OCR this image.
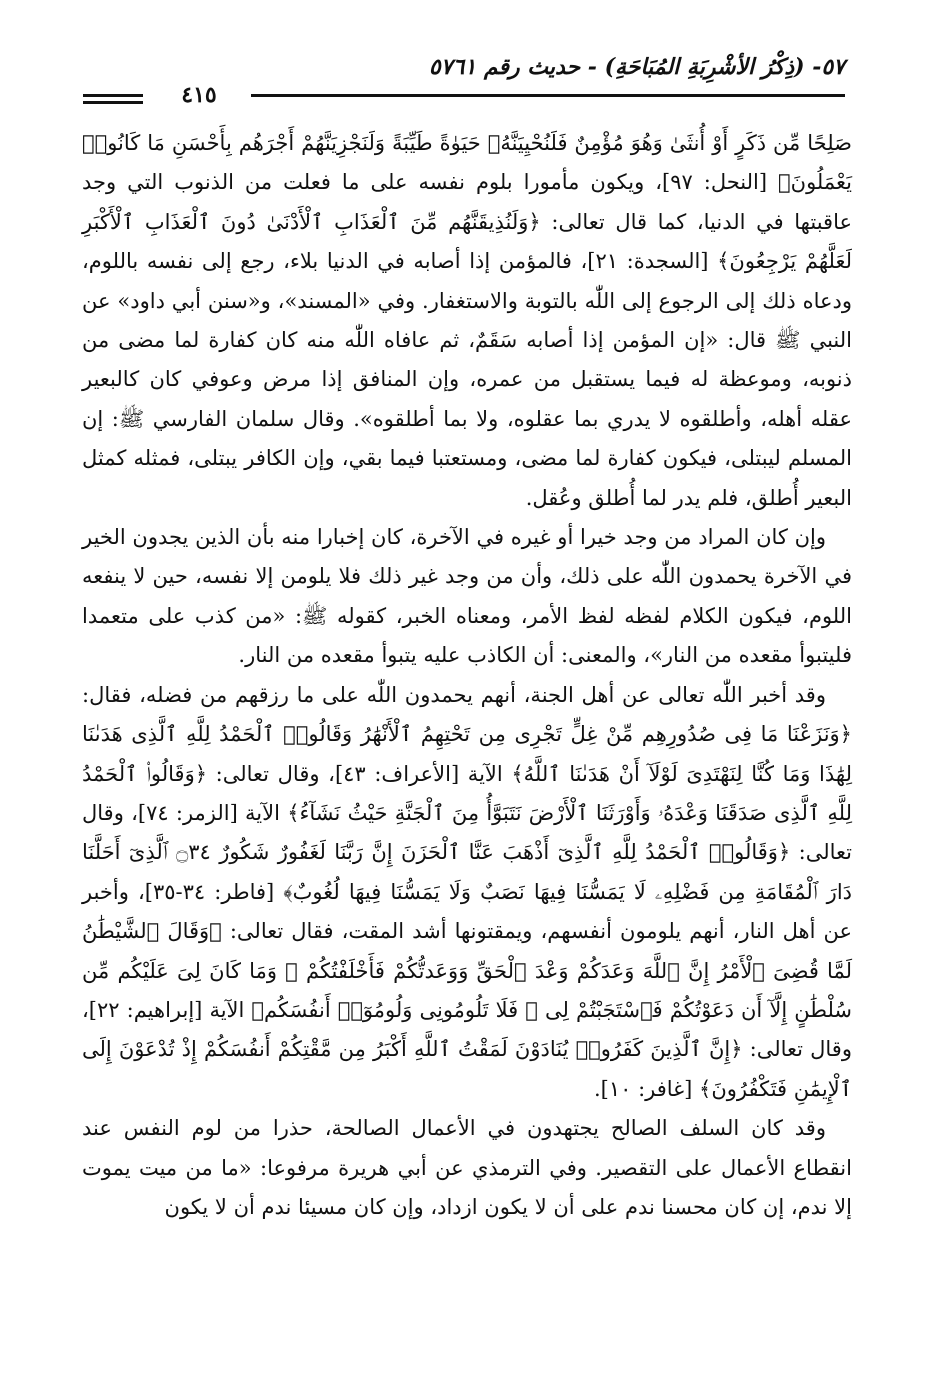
٥٧- (ذِكْرُ الأشْرِبَةِ المُبَاحَةِ) - حديث رقم ٥٧٦١
٤١٥

صَلِحًا مِّن ذَكَرٍ أَوْ أُنثَىٰ وَهُوَ مُؤْمِنٌ فَلَنُحْيِيَنَّهُۥ حَيَوٰةً طَيِّبَةً وَلَنَجْزِيَنَّهُمْ أَجْرَهُم بِأَحْسَنِ مَا كَانُوا۟ يَعْمَلُونَ﴾ [النحل: ٩٧]، ويكون مأمورا بلوم نفسه على ما فعلت من الذنوب التي وجد عاقبتها في الدنيا، كما قال تعالى: ﴿وَلَنُذِيقَنَّهُم مِّنَ ٱلْعَذَابِ ٱلْأَدْنَىٰ دُونَ ٱلْعَذَابِ ٱلْأَكْبَرِ لَعَلَّهُمْ يَرْجِعُونَ﴾ [السجدة: ٢١]، فالمؤمن إذا أصابه في الدنيا بلاء، رجع إلى نفسه باللوم، ودعاه ذلك إلى الرجوع إلى اللّٰه بالتوبة والاستغفار. وفي «المسند»، و«سنن أبي داود» عن النبي ﷺ قال: «إن المؤمن إذا أصابه سَقَمٌ، ثم عافاه اللّٰه منه كان كفارة لما مضى من ذنوبه، وموعظة له فيما يستقبل من عمره، وإن المنافق إذا مرض وعوفي كان كالبعير عقله أهله، وأطلقوه لا يدري بما عقلوه، ولا بما أطلقوه». وقال سلمان الفارسي ﷺ: إن المسلم ليبتلى، فيكون كفارة لما مضى، ومستعتبا فيما بقي، وإن الكافر يبتلى، فمثله كمثل البعير أُطلق، فلم يدر لما أُطلق وعُقل.

وإن كان المراد من وجد خيرا أو غيره في الآخرة، كان إخبارا منه بأن الذين يجدون الخير في الآخرة يحمدون اللّٰه على ذلك، وأن من وجد غير ذلك فلا يلومن إلا نفسه، حين لا ينفعه اللوم، فيكون الكلام لفظه لفظ الأمر، ومعناه الخبر، كقوله ﷺ: «من كذب على متعمدا فليتبوأ مقعده من النار»، والمعنى: أن الكاذب عليه يتبوأ مقعده من النار.

وقد أخبر اللّٰه تعالى عن أهل الجنة، أنهم يحمدون اللّٰه على ما رزقهم من فضله، فقال: ﴿وَنَزَعْنَا مَا فِى صُدُورِهِم مِّنْ غِلٍّ تَجْرِى مِن تَحْتِهِمُ ٱلْأَنْهَٰرُ وَقَالُوا۟ ٱلْحَمْدُ لِلَّهِ ٱلَّذِى هَدَىٰنَا لِهَٰذَا وَمَا كُنَّا لِنَهْتَدِىَ لَوْلَآ أَنْ هَدَىٰنَا ٱللَّهُ﴾ الآية [الأعراف: ٤٣]، وقال تعالى: ﴿وَقَالُوا۟ ٱلْحَمْدُ لِلَّهِ ٱلَّذِى صَدَقَنَا وَعْدَهُۥ وَأَوْرَثَنَا ٱلْأَرْضَ نَتَبَوَّأُ مِنَ ٱلْجَنَّةِ حَيْثُ نَشَآءُ﴾ الآية [الزمر: ٧٤]، وقال تعالى: ﴿وَقَالُوا۟ ٱلْحَمْدُ لِلَّهِ ٱلَّذِىٓ أَذْهَبَ عَنَّا ٱلْحَزَنَ إِنَّ رَبَّنَا لَغَفُورٌ شَكُورٌ ۝٣٤ ٱلَّذِىٓ أَحَلَّنَا دَارَ ٱلْمُقَامَةِ مِن فَضْلِهِۦ لَا يَمَسُّنَا فِيهَا نَصَبٌ وَلَا يَمَسُّنَا فِيهَا لُغُوبٌ﴾ [فاطر: ٣٤-٣٥]، وأخبر عن أهل النار، أنهم يلومون أنفسهم، ويمقتونها أشد المقت، فقال تعالى: ﴿وَقَالَ ٱلشَّيْطَٰنُ لَمَّا قُضِىَ ٱلْأَمْرُ إِنَّ ٱللَّهَ وَعَدَكُمْ وَعْدَ ٱلْحَقِّ وَوَعَدتُّكُمْ فَأَخْلَفْتُكُمْ ۖ وَمَا كَانَ لِىَ عَلَيْكُم مِّن سُلْطَٰنٍ إِلَّآ أَن دَعَوْتُكُمْ فَٱسْتَجَبْتُمْ لِى ۖ فَلَا تَلُومُونِى وَلُومُوٓا۟ أَنفُسَكُم﴾ الآية [إبراهيم: ٢٢]، وقال تعالى: ﴿إِنَّ ٱلَّذِينَ كَفَرُوا۟ يُنَادَوْنَ لَمَقْتُ ٱللَّهِ أَكْبَرُ مِن مَّقْتِكُمْ أَنفُسَكُمْ إِذْ تُدْعَوْنَ إِلَى ٱلْإِيمَٰنِ فَتَكْفُرُونَ﴾ [غافر: ١٠].

وقد كان السلف الصالح يجتهدون في الأعمال الصالحة، حذرا من لوم النفس عند انقطاع الأعمال على التقصير. وفي الترمذي عن أبي هريرة مرفوعا: «ما من ميت يموت إلا ندم، إن كان محسنا ندم على أن لا يكون ازداد، وإن كان مسيئا ندم أن لا يكون
